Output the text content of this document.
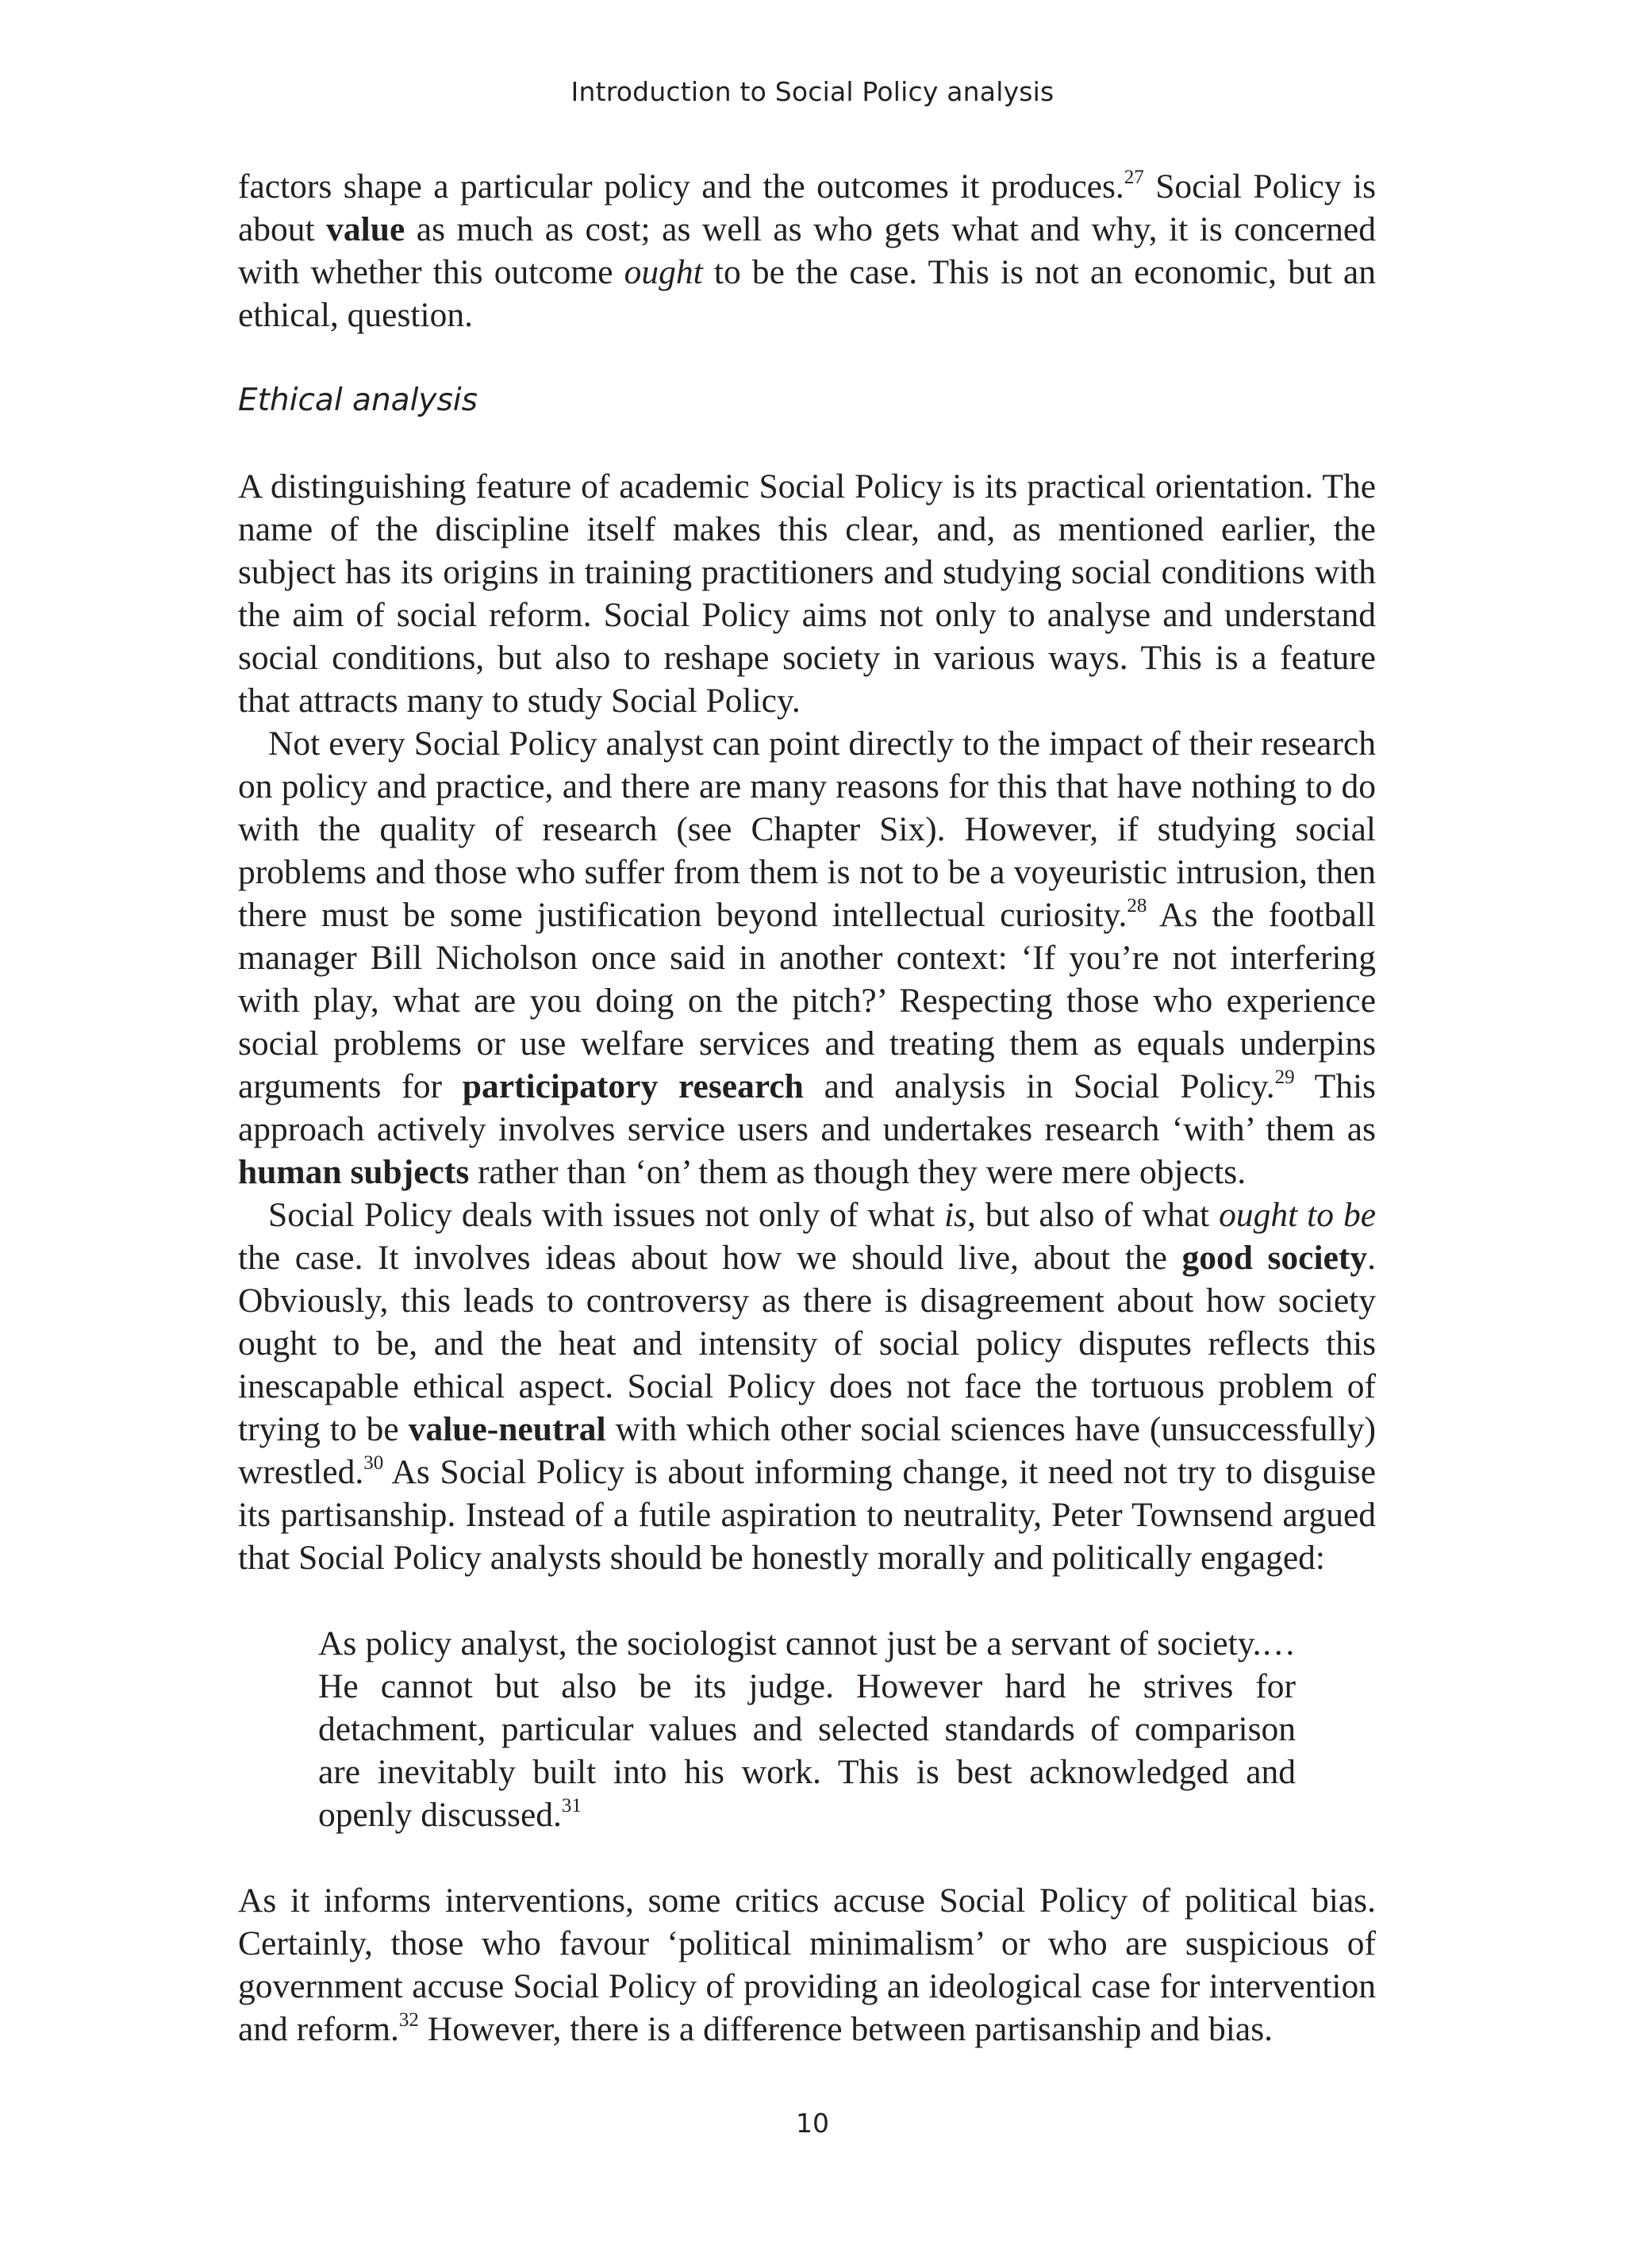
Introduction to Social Policy analysis

factors shape a particular policy and the outcomes it produces.$^{27}$ Social Policy is about value as much as cost; as well as who gets what and why, it is concerned with whether this outcome ought to be the case. This is not an economic, but an ethical, question.

Ethical analysis

A distinguishing feature of academic Social Policy is its practical orientation. The name of the discipline itself makes this clear, and, as mentioned earlier, the subject has its origins in training practitioners and studying social conditions with the aim of social reform. Social Policy aims not only to analyse and understand social conditions, but also to reshape society in various ways. This is a feature that attracts many to study Social Policy.

Not every Social Policy analyst can point directly to the impact of their research on policy and practice, and there are many reasons for this that have nothing to do with the quality of research (see Chapter Six). However, if studying social problems and those who suffer from them is not to be a voyeuristic intrusion, then there must be some justification beyond intellectual curiosity.$^{28}$ As the football manager Bill Nicholson once said in another context: ‘If you’re not interfering with play, what are you doing on the pitch?’ Respecting those who experience social problems or use welfare services and treating them as equals underpins arguments for participatory research and analysis in Social Policy.$^{29}$ This approach actively involves service users and undertakes research ‘with’ them as human subjects rather than ‘on’ them as though they were mere objects.

Social Policy deals with issues not only of what is, but also of what ought to be the case. It involves ideas about how we should live, about the good society. Obviously, this leads to controversy as there is disagreement about how society ought to be, and the heat and intensity of social policy disputes reflects this inescapable ethical aspect. Social Policy does not face the tortuous problem of trying to be value-neutral with which other social sciences have (unsuccessfully) wrestled.$^{30}$ As Social Policy is about informing change, it need not try to disguise its partisanship. Instead of a futile aspiration to neutrality, Peter Townsend argued that Social Policy analysts should be honestly morally and politically engaged:

As policy analyst, the sociologist cannot just be a servant of society.… He cannot but also be its judge. However hard he strives for detachment, particular values and selected standards of comparison are inevitably built into his work. This is best acknowledged and openly discussed.$^{31}$

As it informs interventions, some critics accuse Social Policy of political bias. Certainly, those who favour ‘political minimalism’ or who are suspicious of government accuse Social Policy of providing an ideological case for intervention and reform.$^{32}$ However, there is a difference between partisanship and bias.

10
